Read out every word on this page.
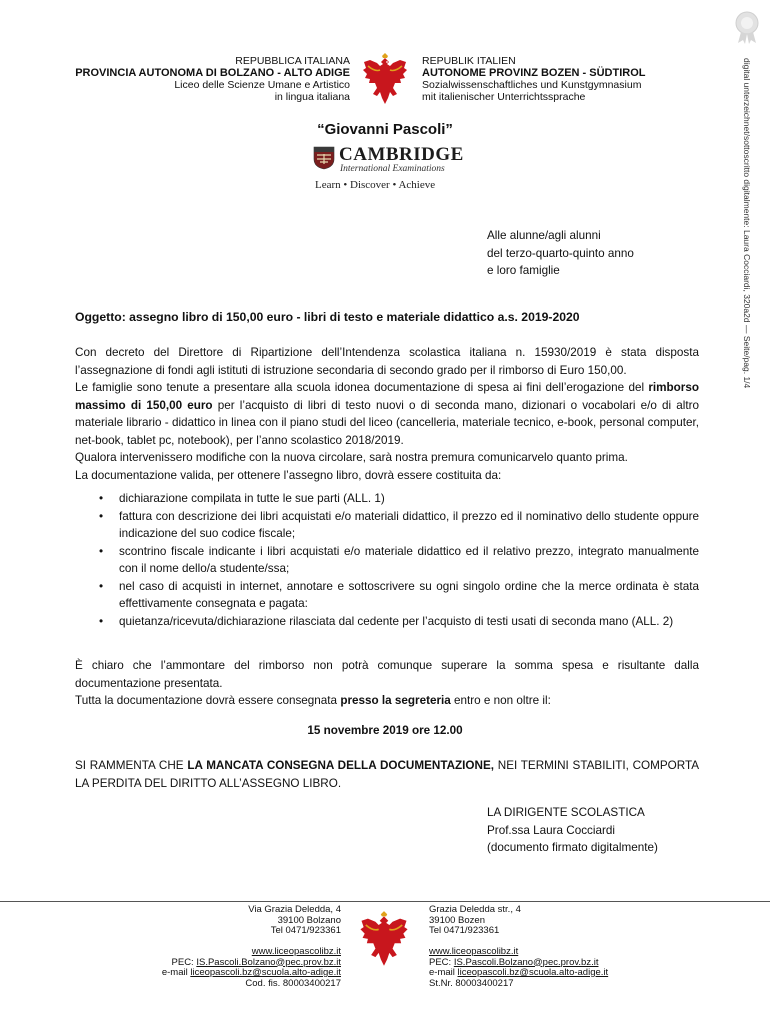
REPUBBLICA ITALIANA
PROVINCIA AUTONOMA DI BOLZANO - ALTO ADIGE
Liceo delle Scienze Umane e Artistico
in lingua italiana
REPUBLIK ITALIEN
AUTONOME PROVINZ BOZEN - SÜDTIROL
Sozialwissenschaftliches und Kunstgymnasium
mit italienischer Unterrichtssprache	digital unterzeichnet/sottoscritto digitalmente: Laura Cocciardi, 320a2d — Seite/pag. 1/4
“Giovanni Pascoli”
CAMBRIDGE
International Examinations
Learn • Discover • Achieve
Alle alunne/agli alunni
del terzo-quarto-quinto anno
e loro famiglie
Oggetto: assegno libro di 150,00 euro - libri di testo e materiale didattico a.s. 2019-2020

Con decreto del Direttore di Ripartizione dell’Intendenza scolastica italiana n. 15930/2019 è stata disposta l’assegnazione di fondi agli istituti di istruzione secondaria di secondo grado per il rimborso di Euro 150,00.

Le famiglie sono tenute a presentare alla scuola idonea documentazione di spesa ai fini dell’erogazione del rimborso massimo di 150,00 euro per l’acquisto di libri di testo nuovi o di seconda mano, dizionari o vocabolari e/o di altro materiale librario - didattico in linea con il piano studi del liceo (cancelleria, materiale tecnico, e-book, personal computer, net-book, tablet pc, notebook), per l’anno scolastico 2018/2019.

Qualora intervenissero modifiche con la nuova circolare, sarà nostra premura comunicarvelo quanto prima.

La documentazione valida, per ottenere l’assegno libro, dovrà essere costituita da:

• dichiarazione compilata in tutte le sue parti (ALL. 1)
• fattura con descrizione dei libri acquistati e/o materiali didattico, il prezzo ed il nominativo dello studente oppure indicazione del suo codice fiscale;
• scontrino fiscale indicante i libri acquistati e/o materiale didattico ed il relativo prezzo, integrato manualmente con il nome dello/a studente/ssa;
• nel caso di acquisti in internet, annotare e sottoscrivere su ogni singolo ordine che la merce ordinata è stata effettivamente consegnata e pagata:
• quietanza/ricevuta/dichiarazione rilasciata dal cedente per l’acquisto di testi usati di seconda mano (ALL. 2)

È chiaro che l’ammontare del rimborso non potrà comunque superare la somma spesa e risultante dalla documentazione presentata.

Tutta la documentazione dovrà essere consegnata presso la segreteria entro e non oltre il:

15 novembre 2019 ore 12.00
SI RAMMENTA CHE LA MANCATA CONSEGNA DELLA DOCUMENTAZIONE, NEI TERMINI STABILITI, COMPORTA LA PERDITA DEL DIRITTO ALL’ASSEGNO LIBRO.
LA DIRIGENTE SCOLASTICA
Prof.ssa Laura Cocciardi
(documento firmato digitalmente)
Via Grazia Deledda, 4
39100 Bolzano
Tel 0471/923361
www.liceopascolibz.it
PEC: IS.Pascoli.Bolzano@pec.prov.bz.it
e-mail liceopascoli.bz@scuola.alto-adige.it
Cod. fis. 80003400217
Grazia Deledda str., 4
39100 Bozen
Tel 0471/923361
www.liceopascolibz.it
PEC: IS.Pascoli.Bolzano@pec.prov.bz.it
e-mail liceopascoli.bz@scuola.alto-adige.it
St.Nr. 80003400217
